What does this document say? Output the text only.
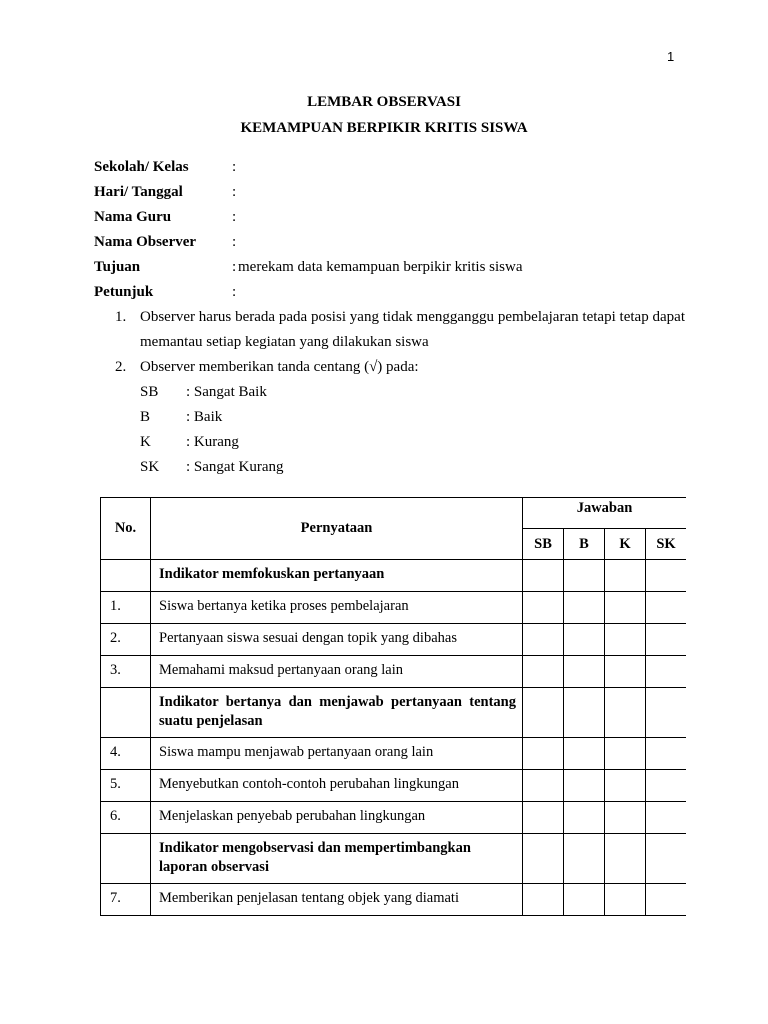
1
LEMBAR OBSERVASI
KEMAMPUAN BERPIKIR KRITIS SISWA
Sekolah/ Kelas	:
Hari/ Tanggal	:
Nama Guru	:
Nama Observer	:
Tujuan	: merekam data kemampuan berpikir kritis siswa
Petunjuk	:
1. Observer harus berada pada posisi yang tidak mengganggu pembelajaran tetapi tetap dapat memantau setiap kegiatan yang dilakukan siswa
2. Observer memberikan tanda centang (√) pada:
SB	: Sangat Baik
B	: Baik
K	: Kurang
SK	: Sangat Kurang
No.	Pernyataan	Jawaban			
		SB	B	K	SK

	Indikator memfokuskan pertanyaan				

1.	Siswa bertanya ketika proses pembelajaran				

2.	Pertanyaan siswa sesuai dengan topik yang dibahas				

3.	Memahami maksud pertanyaan orang lain				

	Indikator bertanya dan menjawab pertanyaan tentang suatu penjelasan				

4.	Siswa mampu menjawab pertanyaan orang lain				

5.	Menyebutkan contoh-contoh perubahan lingkungan				

6.	Menjelaskan penyebab perubahan lingkungan				

	Indikator mengobservasi dan mempertimbangkan laporan observasi				

7.	Memberikan penjelasan tentang objek yang diamati				
